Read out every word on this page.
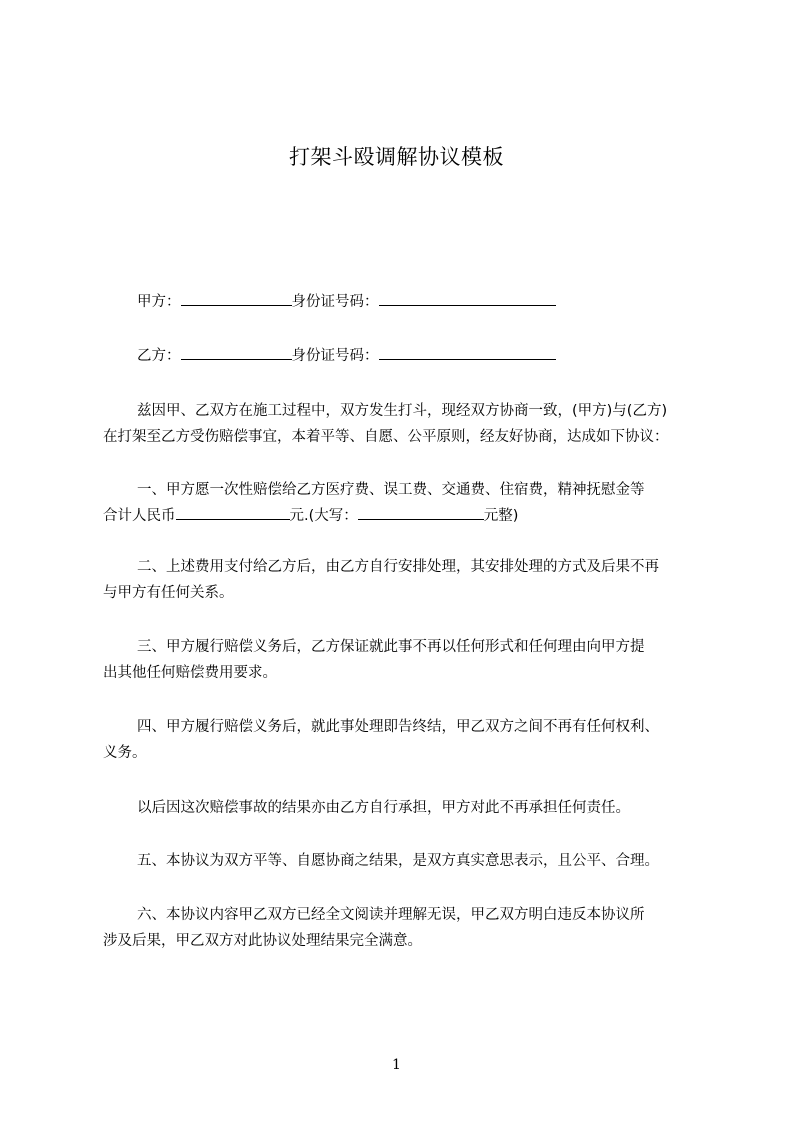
打架斗殴调解协议模板
甲方：	身份证号码：
乙方：	身份证号码：
兹因甲、乙双方在施工过程中，双方发生打斗，现经双方协商一致，(甲方)与(乙方)
在打架至乙方受伤赔偿事宜，本着平等、自愿、公平原则，经友好协商，达成如下协议：
一、甲方愿一次性赔偿给乙方医疗费、误工费、交通费、住宿费，精神抚慰金等
合计人民币	元.(大写：	元整)
二、上述费用支付给乙方后，由乙方自行安排处理，其安排处理的方式及后果不再
与甲方有任何关系。
三、甲方履行赔偿义务后，乙方保证就此事不再以任何形式和任何理由向甲方提
出其他任何赔偿费用要求。
四、甲方履行赔偿义务后，就此事处理即告终结，甲乙双方之间不再有任何权利、
义务。
以后因这次赔偿事故的结果亦由乙方自行承担，甲方对此不再承担任何责任。
五、本协议为双方平等、自愿协商之结果，是双方真实意思表示，且公平、合理。
六、本协议内容甲乙双方已经全文阅读并理解无误，甲乙双方明白违反本协议所
涉及后果，甲乙双方对此协议处理结果完全满意。
1
